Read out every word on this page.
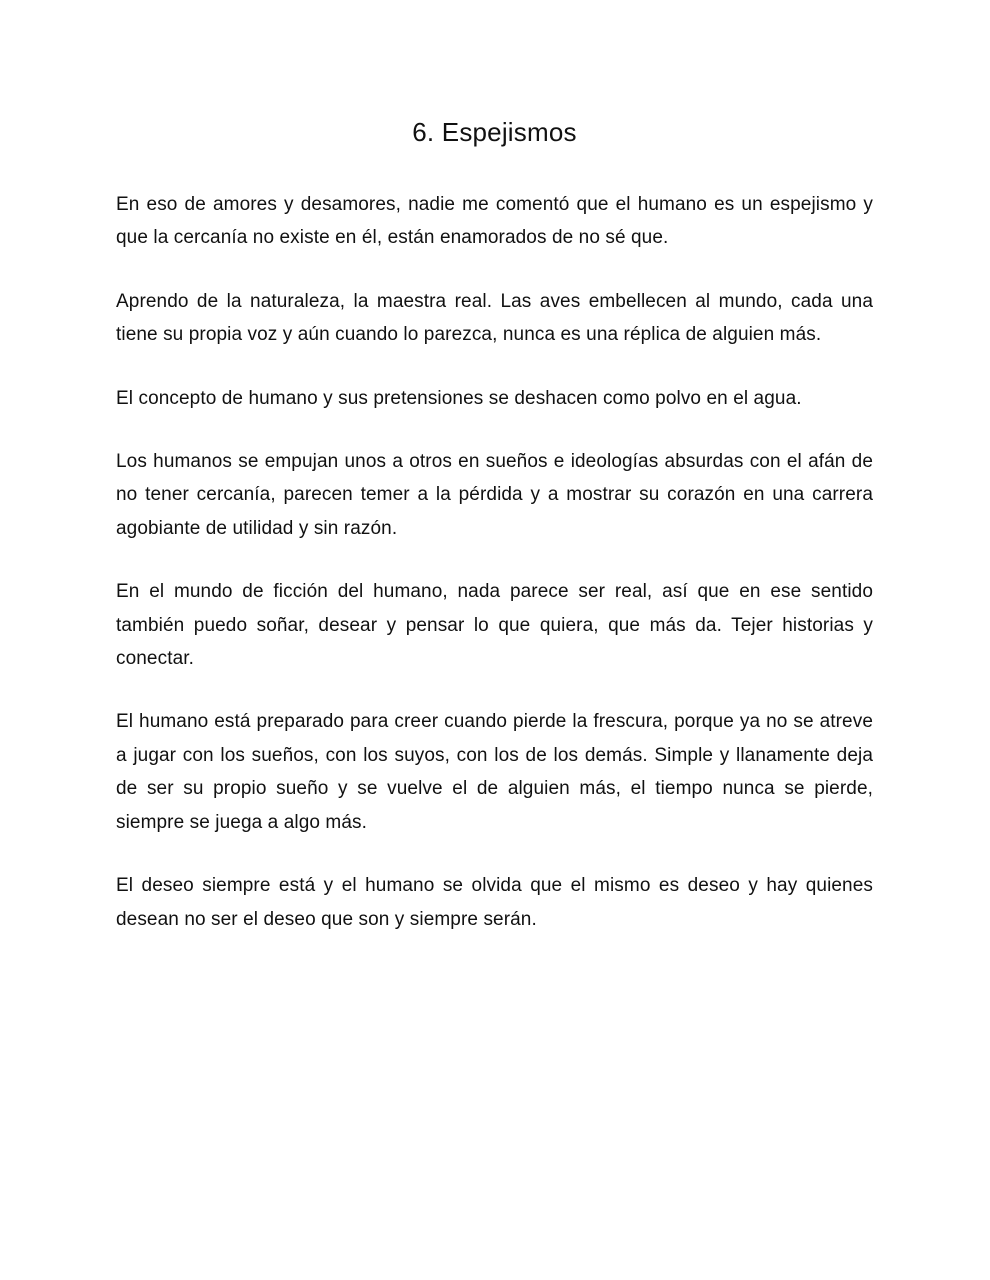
6. Espejismos

En eso de amores y desamores, nadie me comentó que el humano es un espejismo y que la cercanía no existe en él, están enamorados de no sé que.

Aprendo de la naturaleza, la maestra real. Las aves embellecen al mundo, cada una tiene su propia voz y aún cuando lo parezca, nunca es una réplica de alguien más.

El concepto de humano y sus pretensiones se deshacen como polvo en el agua.

Los humanos se empujan unos a otros en sueños e ideologías absurdas con el afán de no tener cercanía, parecen temer a la pérdida y a mostrar su corazón en una carrera agobiante de utilidad y sin razón.

En el mundo de ficción del humano, nada parece ser real, así que en ese sentido también puedo soñar, desear y pensar lo que quiera, que más da. Tejer historias y conectar.

El humano está preparado para creer cuando pierde la frescura, porque ya no se atreve a jugar con los sueños, con los suyos, con los de los demás. Simple y llanamente deja de ser su propio sueño y se vuelve el de alguien más, el tiempo nunca se pierde, siempre se juega a algo más.

El deseo siempre está y el humano se olvida que el mismo es deseo y hay quienes desean no ser el deseo que son y siempre serán.
